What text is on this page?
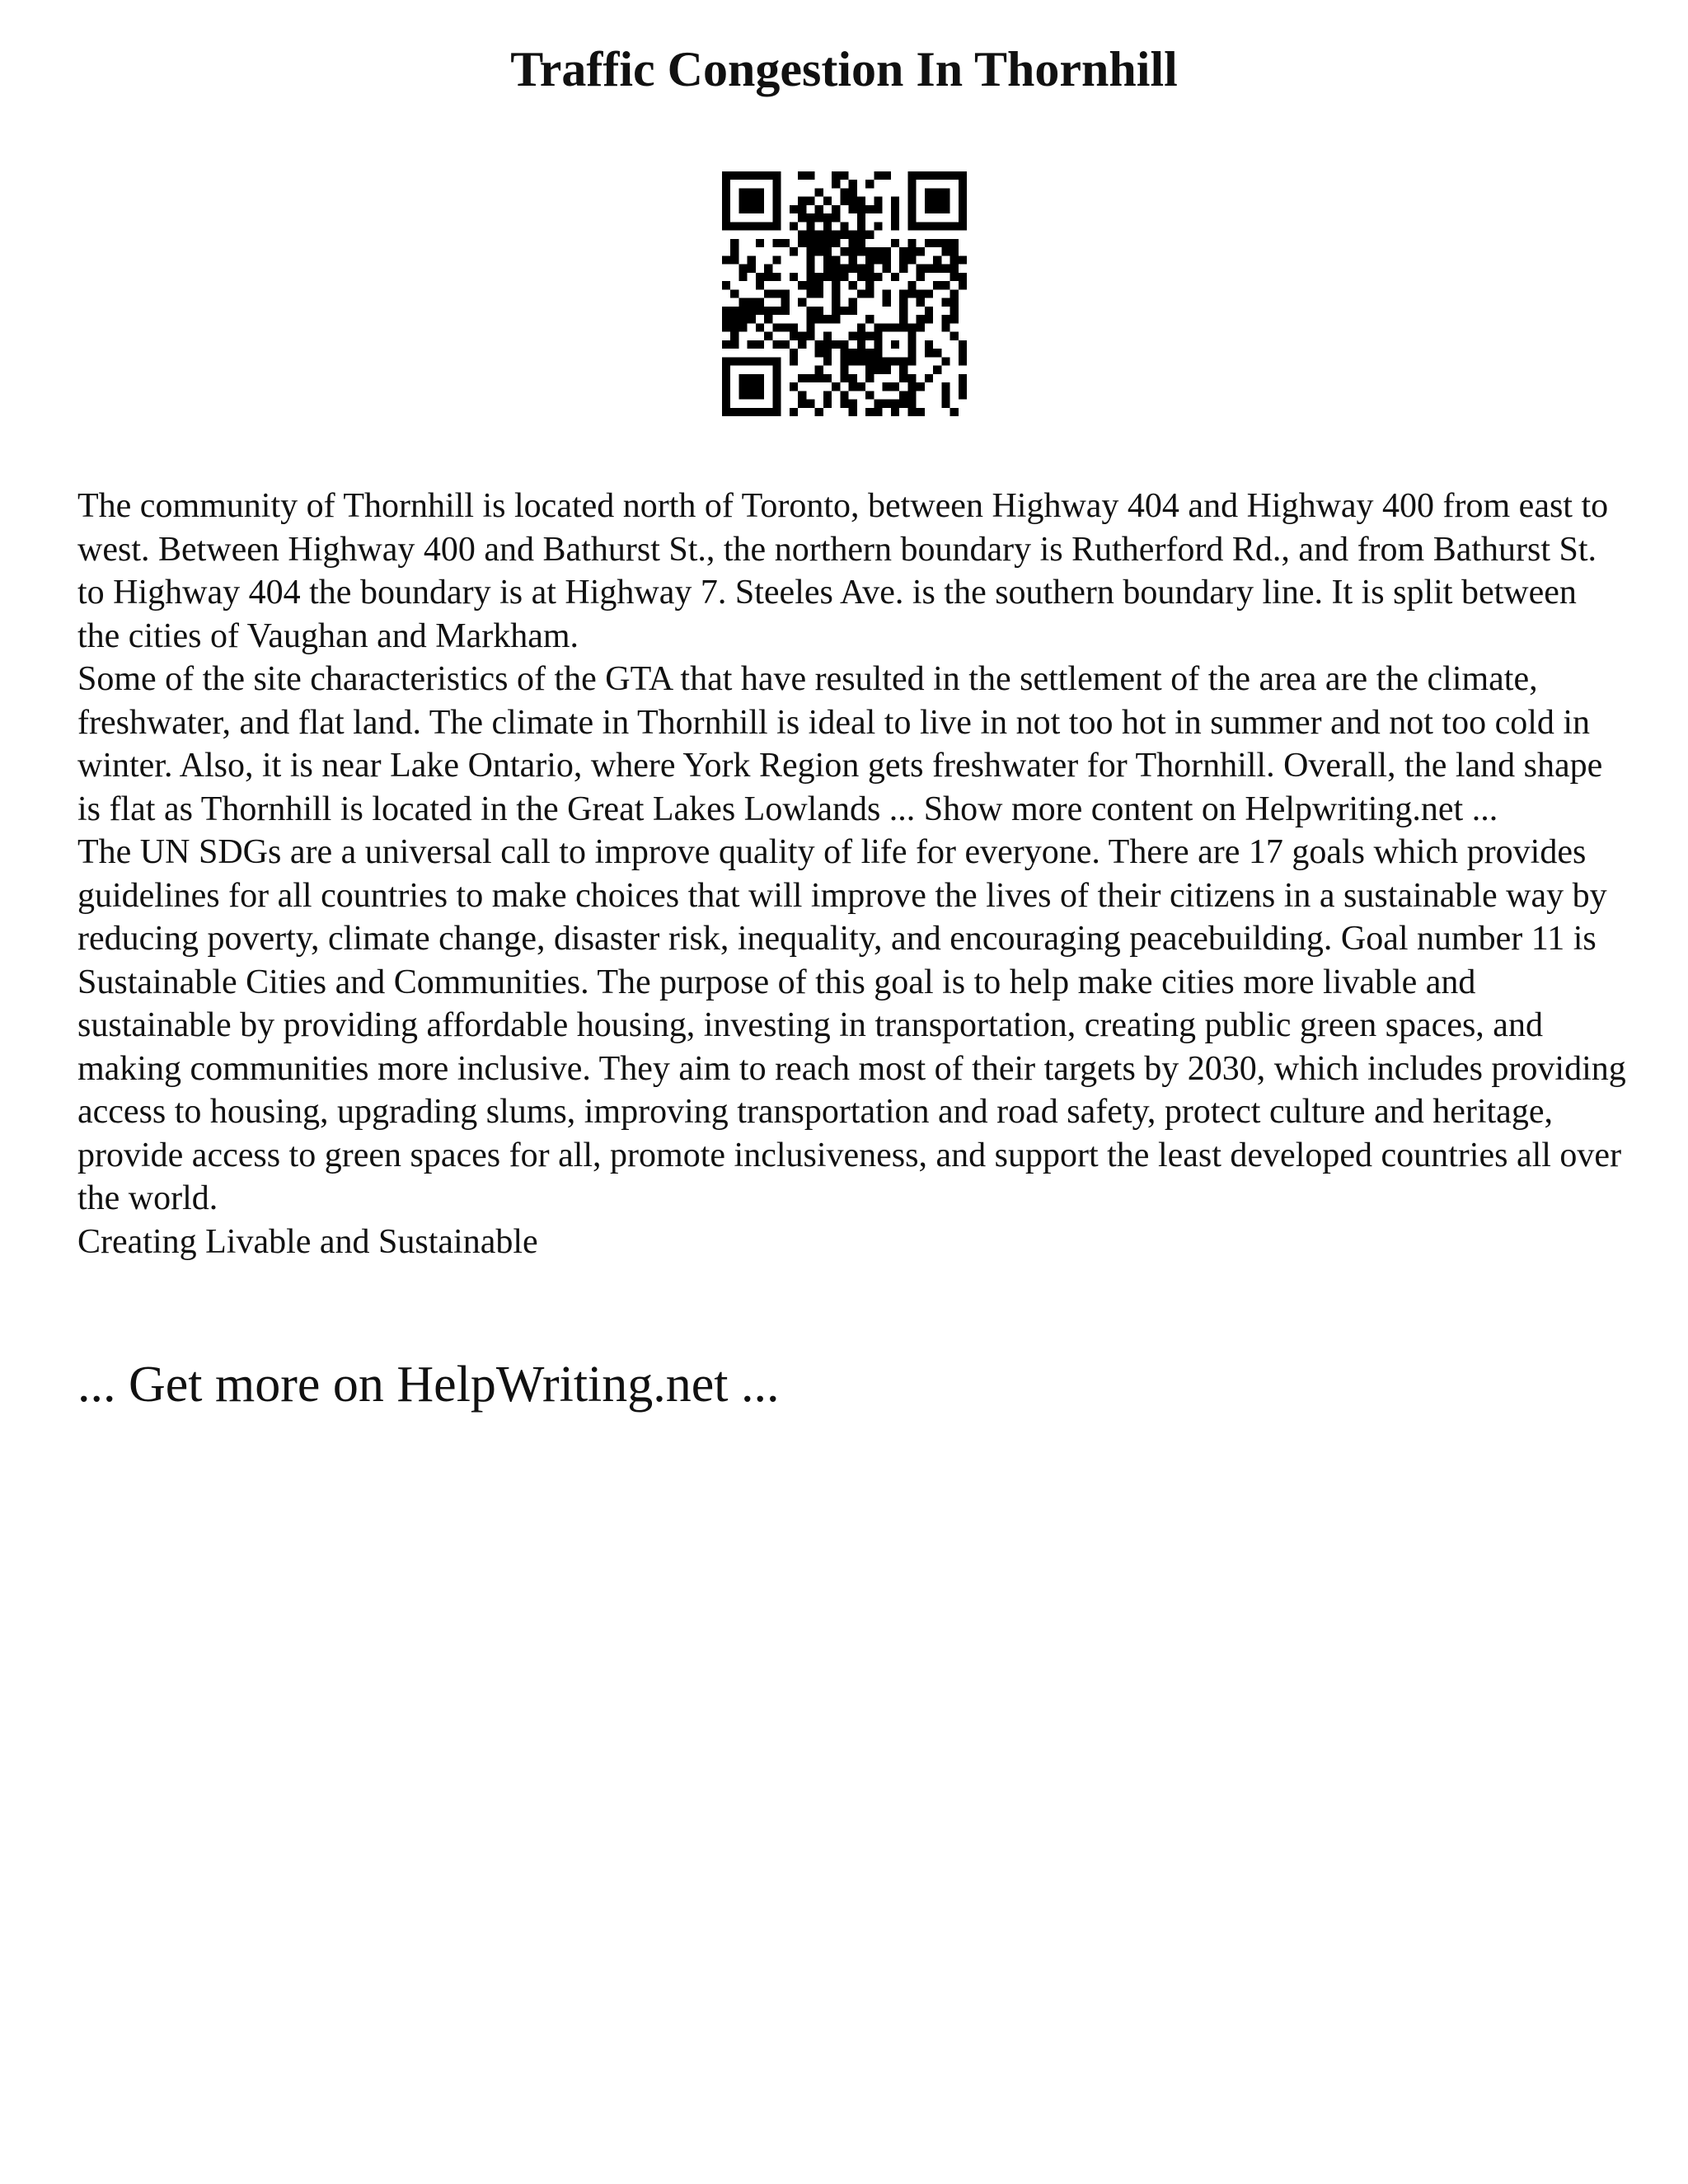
Traffic Congestion In Thornhill

The community of Thornhill is located north of Toronto, between Highway 404 and Highway 400 from east to west. Between Highway 400 and Bathurst St., the northern boundary is Rutherford Rd., and from Bathurst St. to Highway 404 the boundary is at Highway 7. Steeles Ave. is the southern boundary line. It is split between the cities of Vaughan and Markham.

Some of the site characteristics of the GTA that have resulted in the settlement of the area are the climate, freshwater, and flat land. The climate in Thornhill is ideal to live in not too hot in summer and not too cold in winter. Also, it is near Lake Ontario, where York Region gets freshwater for Thornhill. Overall, the land shape is flat as Thornhill is located in the Great Lakes Lowlands ... Show more content on Helpwriting.net ...

The UN SDGs are a universal call to improve quality of life for everyone. There are 17 goals which provides guidelines for all countries to make choices that will improve the lives of their citizens in a sustainable way by reducing poverty, climate change, disaster risk, inequality, and encouraging peacebuilding. Goal number 11 is Sustainable Cities and Communities. The purpose of this goal is to help make cities more livable and sustainable by providing affordable housing, investing in transportation, creating public green spaces, and making communities more inclusive. They aim to reach most of their targets by 2030, which includes providing access to housing, upgrading slums, improving transportation and road safety, protect culture and heritage, provide access to green spaces for all, promote inclusiveness, and support the least developed countries all over the world.

Creating Livable and Sustainable

... Get more on HelpWriting.net ...
